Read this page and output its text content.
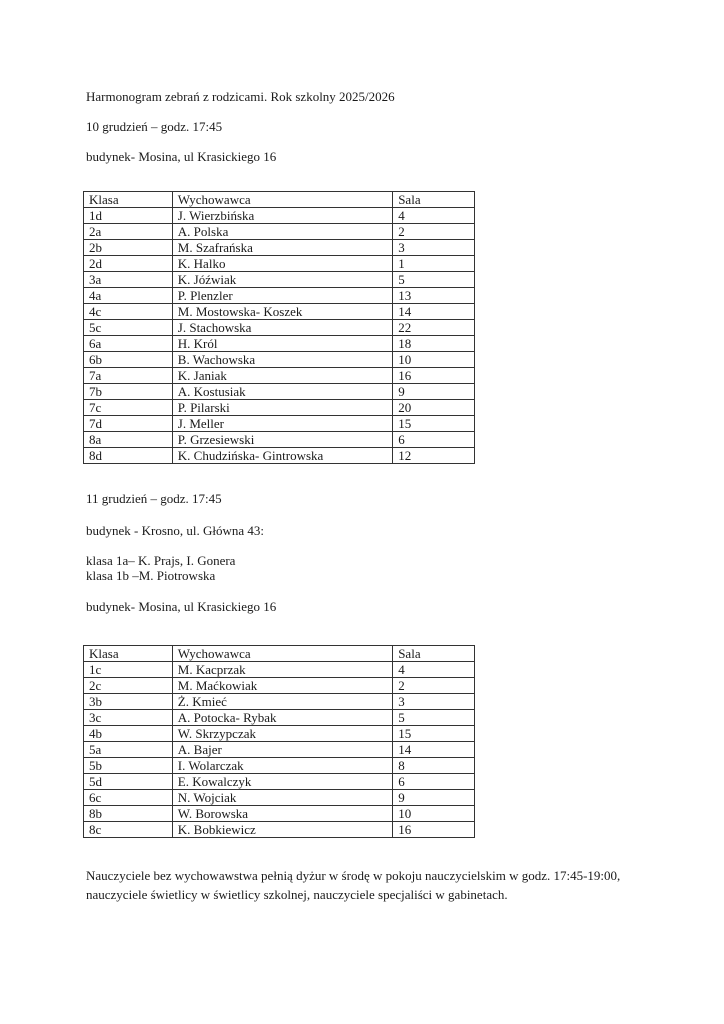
Harmonogram zebrań z rodzicami. Rok szkolny 2025/2026
10 grudzień – godz. 17:45
budynek- Mosina, ul Krasickiego 16
Klasa	Wychowawca	Sala
1d	J. Wierzbińska	4
2a	A. Polska	2
2b	M. Szafrańska	3
2d	K. Halko	1
3a	K. Jóźwiak	5
4a	P. Plenzler	13
4c	M. Mostowska- Koszek	14
5c	J. Stachowska	22
6a	H. Król	18
6b	B. Wachowska	10
7a	K. Janiak	16
7b	A. Kostusiak	9
7c	P. Pilarski	20
7d	J. Meller	15
8a	P. Grzesiewski	6
8d	K. Chudzińska- Gintrowska	12
11 grudzień – godz. 17:45
budynek - Krosno, ul. Główna 43:
klasa 1a– K. Prajs, I. Gonera
klasa 1b –M. Piotrowska
budynek- Mosina, ul Krasickiego 16
Klasa	Wychowawca	Sala
1c	M. Kacprzak	4
2c	M. Maćkowiak	2
3b	Ż. Kmieć	3
3c	A. Potocka- Rybak	5
4b	W. Skrzypczak	15
5a	A. Bajer	14
5b	I. Wolarczak	8
5d	E. Kowalczyk	6
6c	N. Wojciak	9
8b	W. Borowska	10
8c	K. Bobkiewicz	16
Nauczyciele bez wychowawstwa pełnią dyżur w środę w pokoju nauczycielskim w godz. 17:45-19:00,
nauczyciele świetlicy w świetlicy szkolnej, nauczyciele specjaliści w gabinetach.
